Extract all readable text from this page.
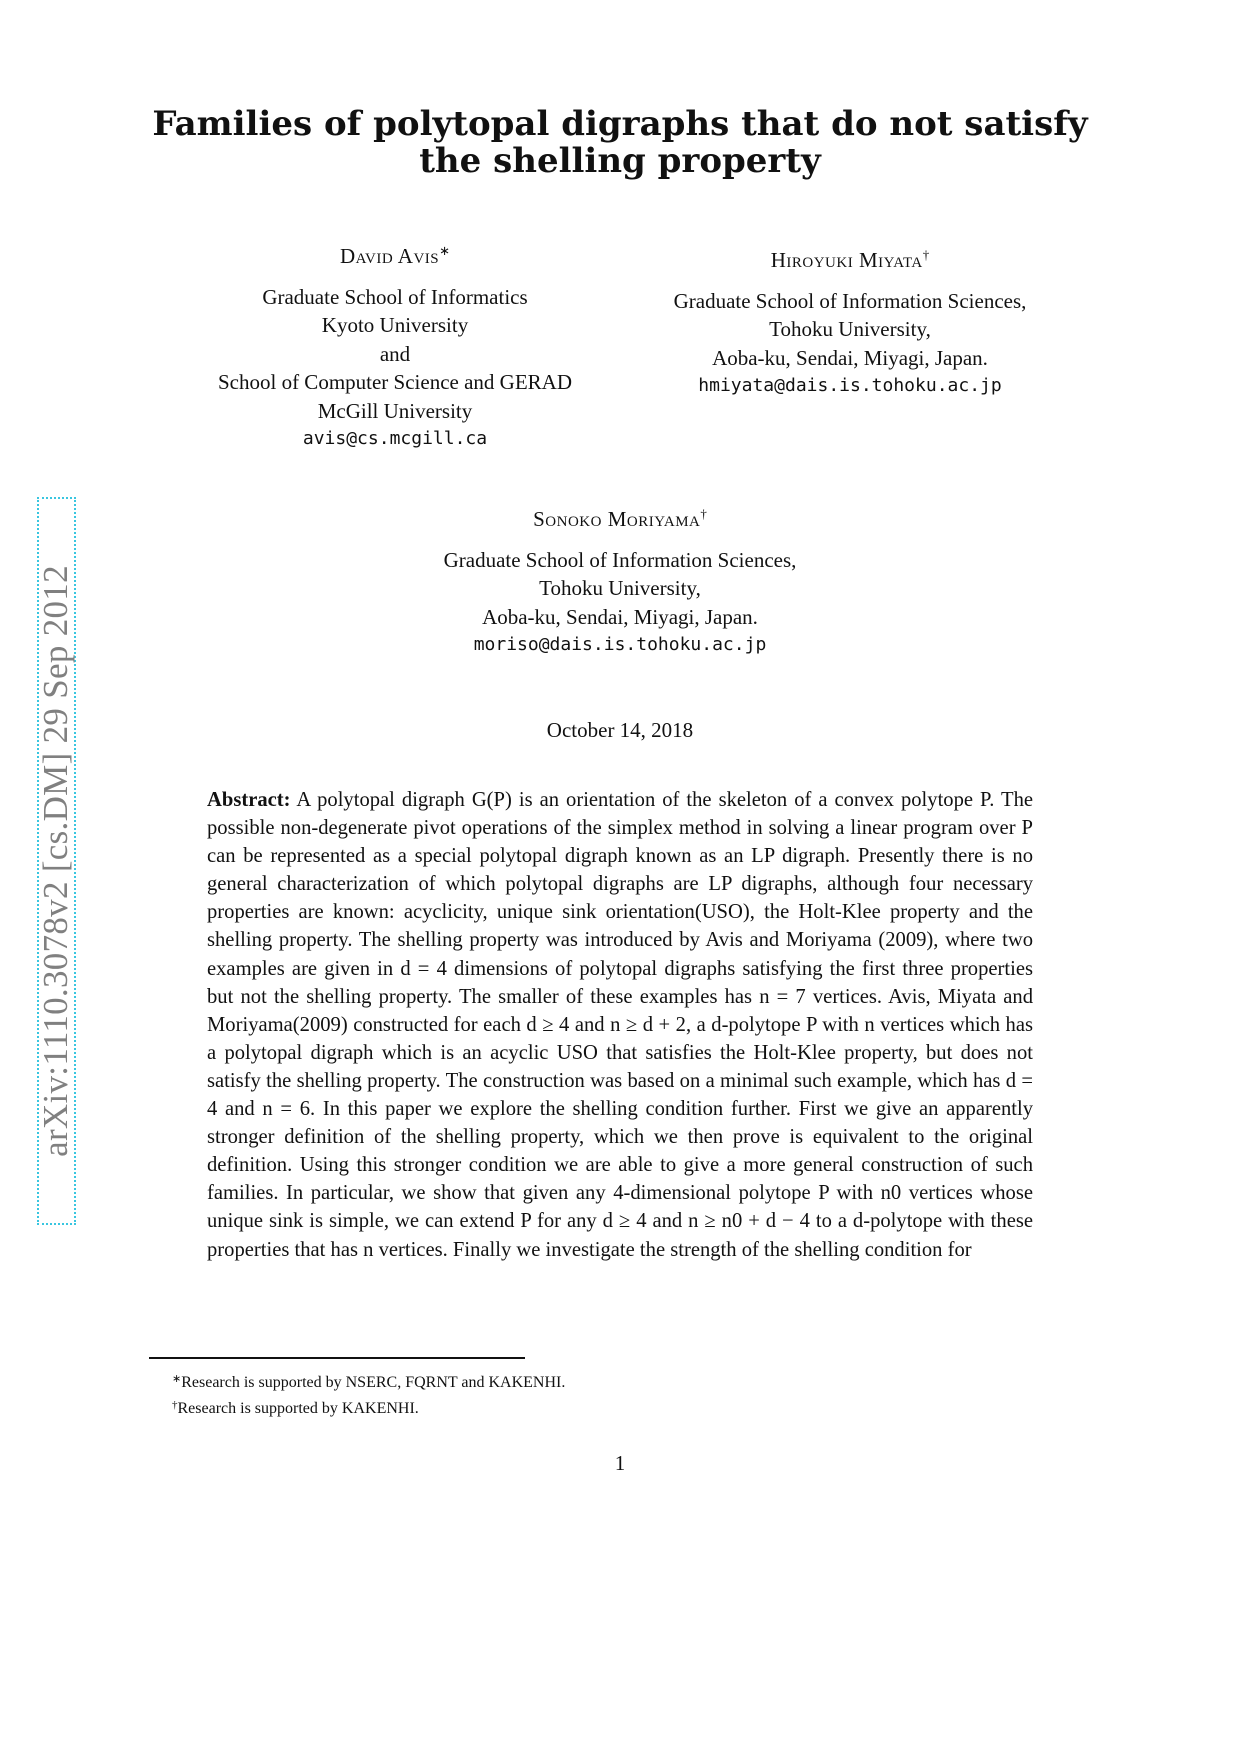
Families of polytopal digraphs that do not satisfy
the shelling property
David Avis∗
Graduate School of Informatics
Kyoto University
and
School of Computer Science and GERAD
McGill University
avis@cs.mcgill.ca
Hiroyuki Miyata†
Graduate School of Information Sciences,
Tohoku University,
Aoba-ku, Sendai, Miyagi, Japan.
hmiyata@dais.is.tohoku.ac.jp
Sonoko Moriyama†
Graduate School of Information Sciences,
Tohoku University,
Aoba-ku, Sendai, Miyagi, Japan.
moriso@dais.is.tohoku.ac.jp
October 14, 2018
Abstract: A polytopal digraph G(P) is an orientation of the skeleton of a convex polytope P. The possible non-degenerate pivot operations of the simplex method in solving a linear program over P can be represented as a special polytopal digraph known as an LP digraph. Presently there is no general characterization of which polytopal digraphs are LP digraphs, although four necessary properties are known: acyclicity, unique sink orientation(USO), the Holt-Klee property and the shelling property. The shelling property was introduced by Avis and Moriyama (2009), where two examples are given in d = 4 dimensions of polytopal digraphs satisfying the first three properties but not the shelling property. The smaller of these examples has n = 7 vertices. Avis, Miyata and Moriyama(2009) constructed for each d ≥ 4 and n ≥ d + 2, a d-polytope P with n vertices which has a polytopal digraph which is an acyclic USO that satisfies the Holt-Klee property, but does not satisfy the shelling property. The construction was based on a minimal such example, which has d = 4 and n = 6. In this paper we explore the shelling condition further. First we give an apparently stronger definition of the shelling property, which we then prove is equivalent to the original definition. Using this stronger condition we are able to give a more general construction of such families. In particular, we show that given any 4-dimensional polytope P with n0 vertices whose unique sink is simple, we can extend P for any d ≥ 4 and n ≥ n0 + d − 4 to a d-polytope with these properties that has n vertices. Finally we investigate the strength of the shelling condition for
∗Research is supported by NSERC, FQRNT and KAKENHI.
†Research is supported by KAKENHI.
1
arXiv:1110.3078v2 [cs.DM] 29 Sep 2012
